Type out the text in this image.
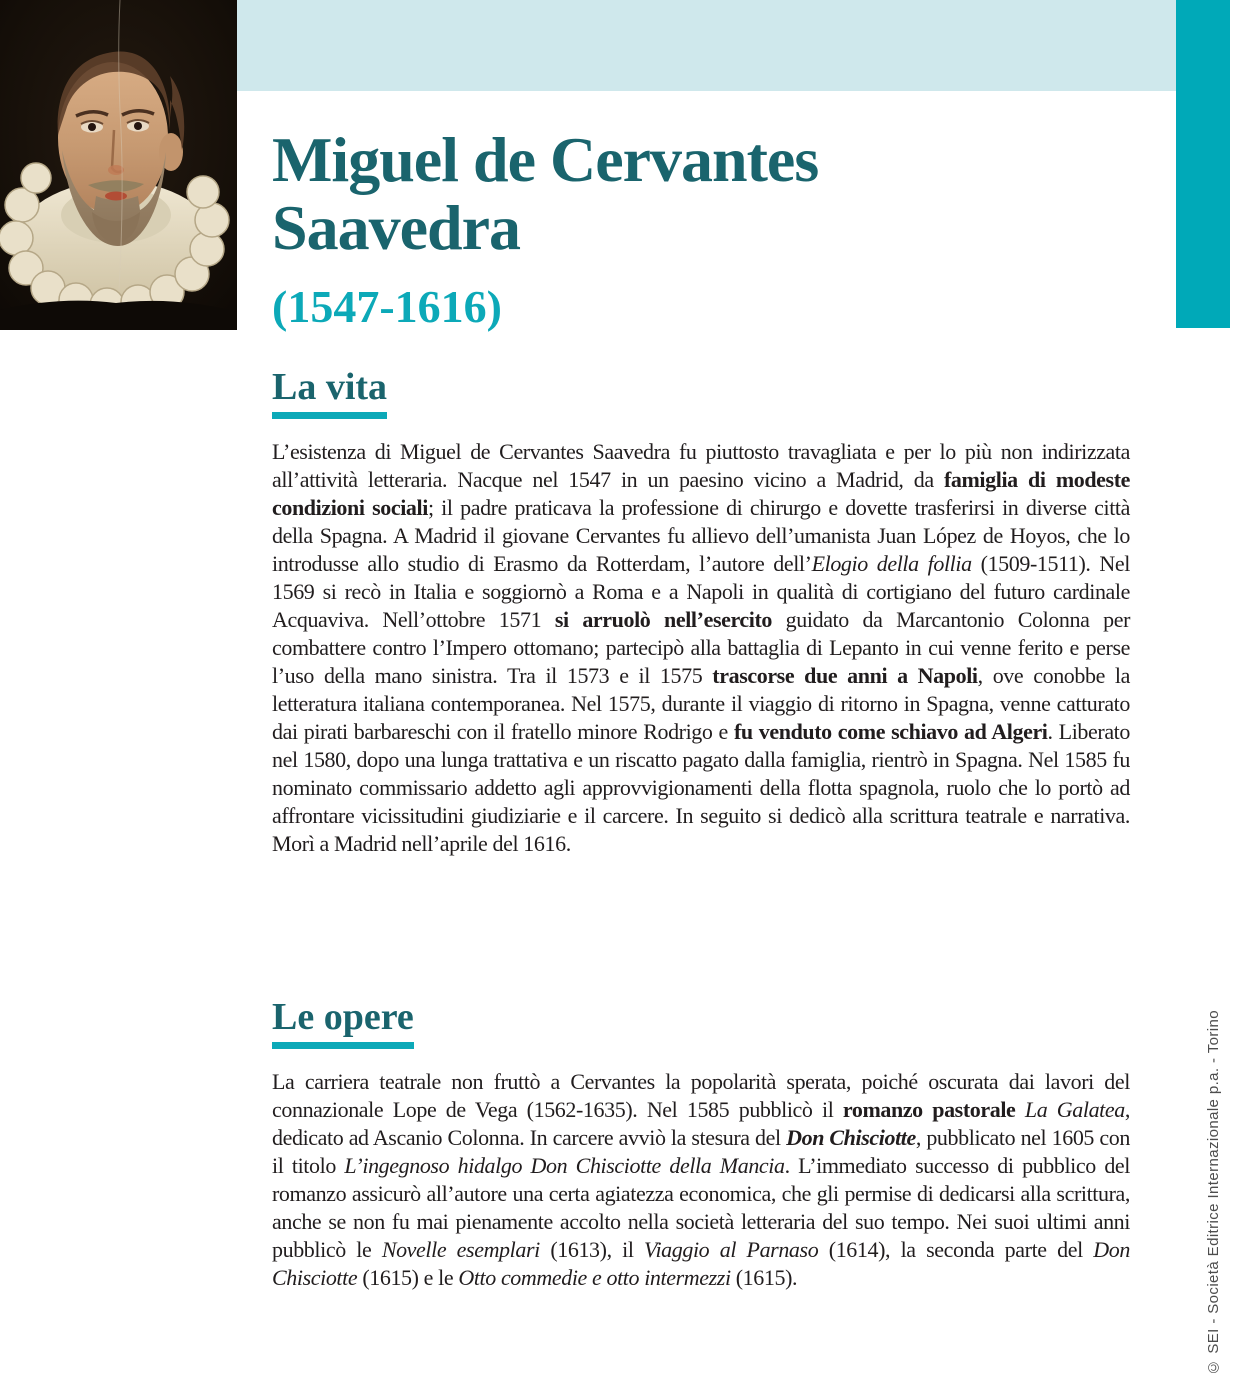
Miguel de Cervantes Saavedra
(1547-1616)
La vita

L’esistenza di Miguel de Cervantes Saavedra fu piuttosto travagliata e per lo più non indirizzata all’attività letteraria. Nacque nel 1547 in un paesino vicino a Madrid, da famiglia di modeste condizioni sociali; il padre praticava la professione di chirurgo e dovette trasferirsi in diverse città della Spagna. A Madrid il giovane Cervantes fu allievo dell’umanista Juan López de Hoyos, che lo introdusse allo studio di Erasmo da Rotterdam, l’autore dell’Elogio della follia (1509-1511). Nel 1569 si recò in Italia e soggiornò a Roma e a Napoli in qualità di cortigiano del futuro cardinale Acquaviva. Nell’ottobre 1571 si arruolò nell’esercito guidato da Marcantonio Colonna per combattere contro l’Impero ottomano; partecipò alla battaglia di Lepanto in cui venne ferito e perse l’uso della mano sinistra. Tra il 1573 e il 1575 trascorse due anni a Napoli, ove conobbe la letteratura italiana contemporanea. Nel 1575, durante il viaggio di ritorno in Spagna, venne catturato dai pirati barbareschi con il fratello minore Rodrigo e fu venduto come schiavo ad Algeri. Liberato nel 1580, dopo una lunga trattativa e un riscatto pagato dalla famiglia, rientrò in Spagna. Nel 1585 fu nominato commissario addetto agli approvvigionamenti della flotta spagnola, ruolo che lo portò ad affrontare vicissitudini giudiziarie e il carcere. In seguito si dedicò alla scrittura teatrale e narrativa. Morì a Madrid nell’aprile del 1616.

Le opere

La carriera teatrale non fruttò a Cervantes la popolarità sperata, poiché oscurata dai lavori del connazionale Lope de Vega (1562-1635). Nel 1585 pubblicò il romanzo pastorale La Galatea, dedicato ad Ascanio Colonna. In carcere avviò la stesura del Don Chisciotte, pubblicato nel 1605 con il titolo L’ingegnoso hidalgo Don Chisciotte della Mancia. L’immediato successo di pubblico del romanzo assicurò all’autore una certa agiatezza economica, che gli permise di dedicarsi alla scrittura, anche se non fu mai pienamente accolto nella società letteraria del suo tempo. Nei suoi ultimi anni pubblicò le Novelle esemplari (1613), il Viaggio al Parnaso (1614), la seconda parte del Don Chisciotte (1615) e le Otto commedie e otto intermezzi (1615).	© SEI - Società Editrice Internazionale p.a. - Torino
